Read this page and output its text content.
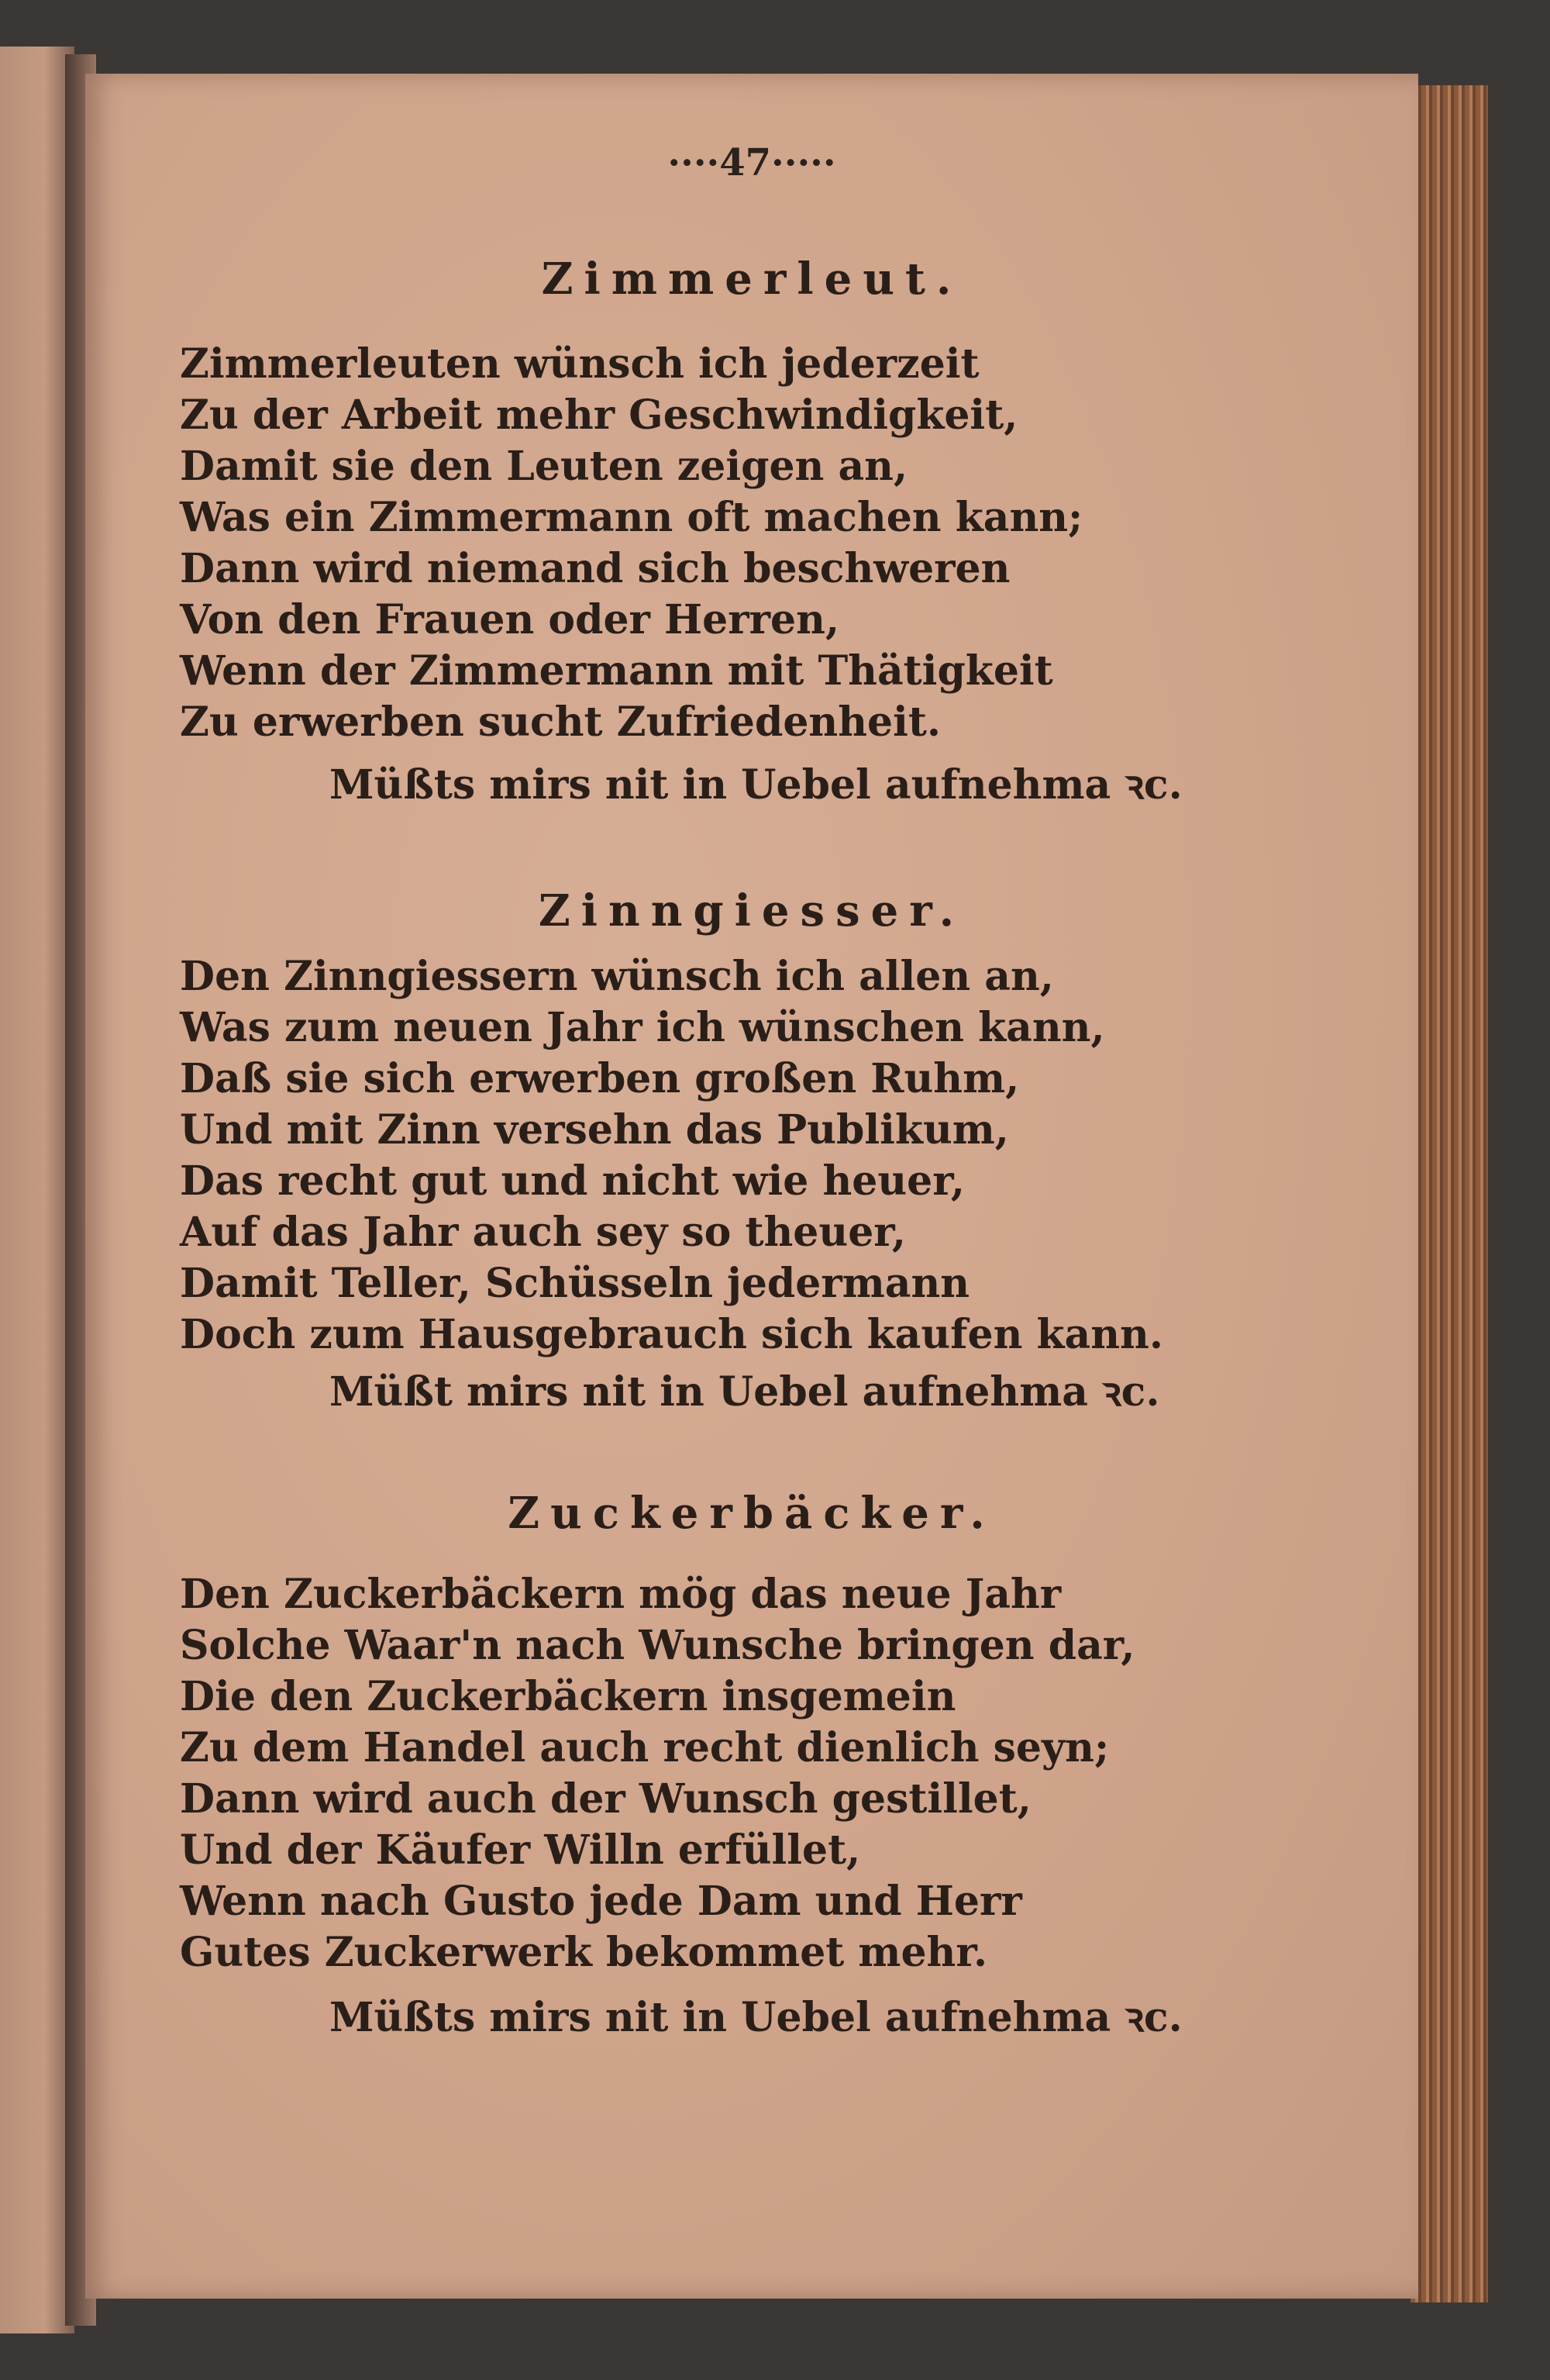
····47·····
Zimmerleut.
Zimmerleuten wünsch ich jederzeit
Zu der Arbeit mehr Geschwindigkeit,
Damit sie den Leuten zeigen an,
Was ein Zimmermann oft machen kann;
Dann wird niemand sich beschweren
Von den Frauen oder Herren,
Wenn der Zimmermann mit Thätigkeit
Zu erwerben sucht Zufriedenheit.
Müßts mirs nit in Uebel aufnehma ꝛc.
Zinngiesser.
Den Zinngiessern wünsch ich allen an,
Was zum neuen Jahr ich wünschen kann,
Daß sie sich erwerben großen Ruhm,
Und mit Zinn versehn das Publikum,
Das recht gut und nicht wie heuer,
Auf das Jahr auch sey so theuer,
Damit Teller, Schüsseln jedermann
Doch zum Hausgebrauch sich kaufen kann.
Müßt mirs nit in Uebel aufnehma ꝛc.
Zuckerbäcker.
Den Zuckerbäckern mög das neue Jahr
Solche Waar'n nach Wunsche bringen dar,
Die den Zuckerbäckern insgemein
Zu dem Handel auch recht dienlich seyn;
Dann wird auch der Wunsch gestillet,
Und der Käufer Willn erfüllet,
Wenn nach Gusto jede Dam und Herr
Gutes Zuckerwerk bekommet mehr.
Müßts mirs nit in Uebel aufnehma ꝛc.
